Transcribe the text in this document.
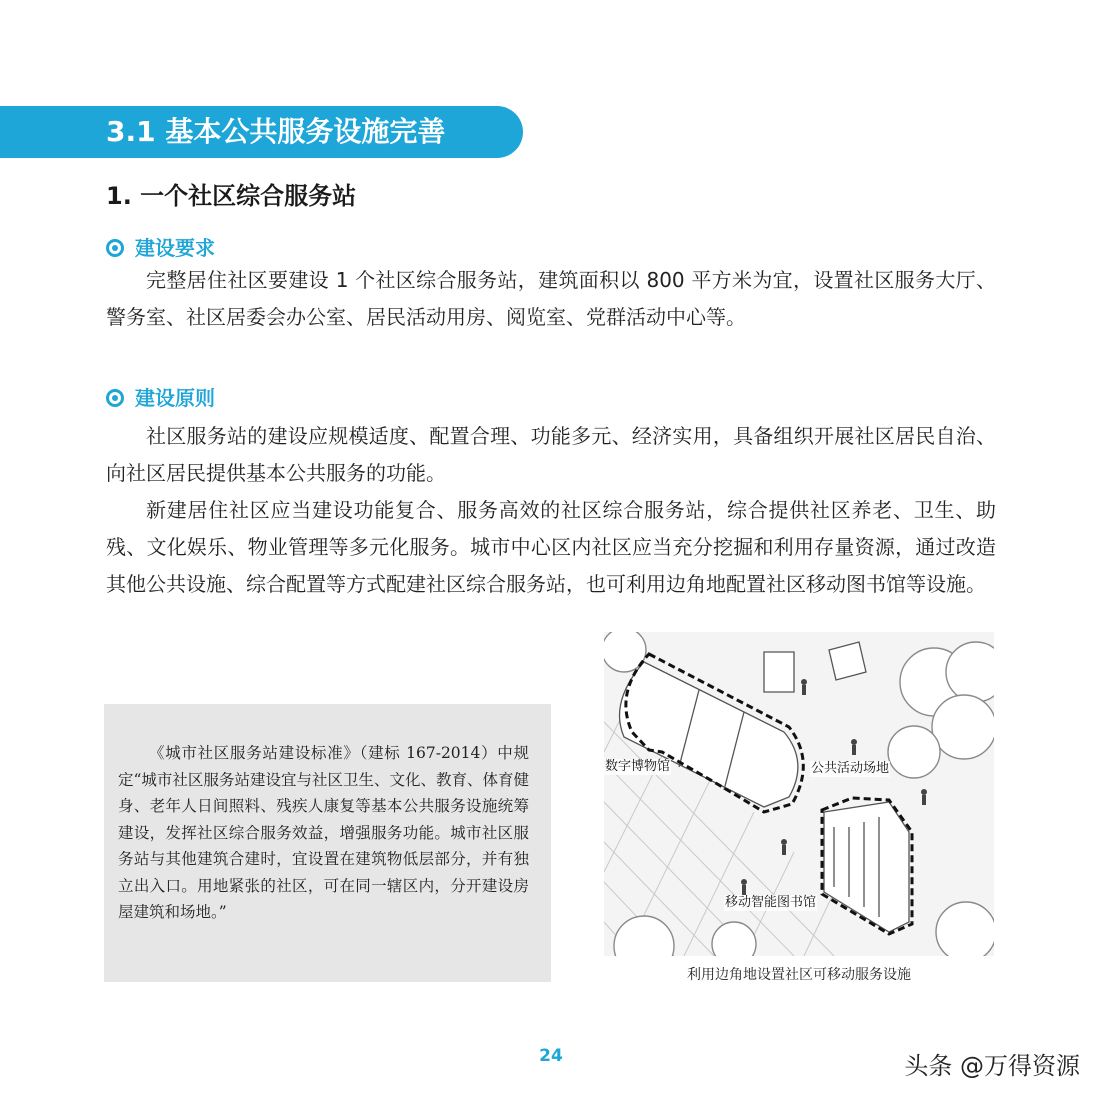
3.1 基本公共服务设施完善
1. 一个社区综合服务站
建设要求

完整居住社区要建设 1 个社区综合服务站，建筑面积以 800 平方米为宜，设置社区服务大厅、警务室、社区居委会办公室、居民活动用房、阅览室、党群活动中心等。

建设原则

社区服务站的建设应规模适度、配置合理、功能多元、经济实用，具备组织开展社区居民自治、向社区居民提供基本公共服务的功能。

新建居住社区应当建设功能复合、服务高效的社区综合服务站，综合提供社区养老、卫生、助残、文化娱乐、物业管理等多元化服务。城市中心区内社区应当充分挖掘和利用存量资源，通过改造其他公共设施、综合配置等方式配建社区综合服务站，也可利用边角地配置社区移动图书馆等设施。

《城市社区服务站建设标准》（建标 167-2014）中规定“城市社区服务站建设宜与社区卫生、文化、教育、体育健身、老年人日间照料、残疾人康复等基本公共服务设施统筹建设，发挥社区综合服务效益，增强服务功能。城市社区服务站与其他建筑合建时，宜设置在建筑物低层部分，并有独立出入口。用地紧张的社区，可在同一辖区内，分开建设房屋建筑和场地。”

数字博物馆	公共活动场地
移动智能图书馆
利用边角地设置社区可移动服务设施
24	头条 @万得资源
